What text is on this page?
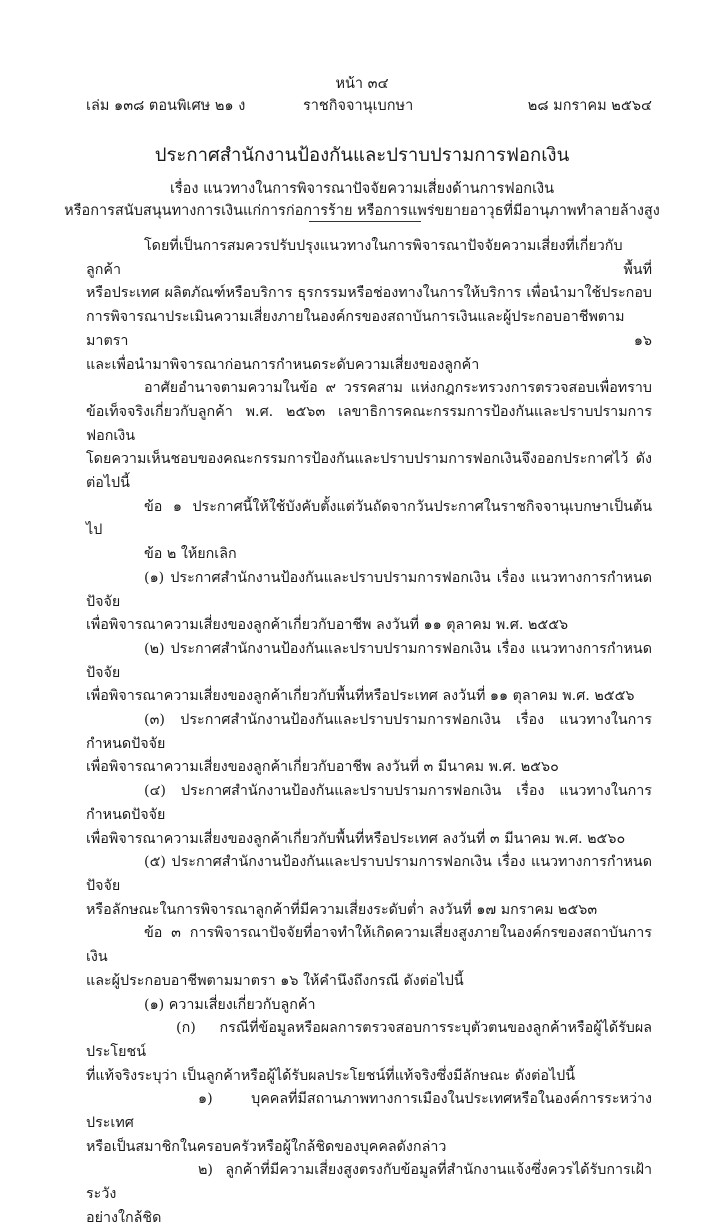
หน้า ๓๔
เล่ม ๑๓๘ ตอนพิเศษ ๒๑ ง	ราชกิจจานุเบกษา	๒๘ มกราคม ๒๕๖๔
ประกาศสำนักงานป้องกันและปราบปรามการฟอกเงิน
เรื่อง แนวทางในการพิจารณาปัจจัยความเสี่ยงด้านการฟอกเงิน
หรือการสนับสนุนทางการเงินแก่การก่อการร้าย หรือการแพร่ขยายอาวุธที่มีอานุภาพทำลายล้างสูง

โดยที่เป็นการสมควรปรับปรุงแนวทางในการพิจารณาปัจจัยความเสี่ยงที่เกี่ยวกับลูกค้า พื้นที่

หรือประเทศ ผลิตภัณฑ์หรือบริการ ธุรกรรมหรือช่องทางในการให้บริการ เพื่อนำมาใช้ประกอบ

การพิจารณาประเมินความเสี่ยงภายในองค์กรของสถาบันการเงินและผู้ประกอบอาชีพตามมาตรา ๑๖

และเพื่อนำมาพิจารณาก่อนการกำหนดระดับความเสี่ยงของลูกค้า

อาศัยอำนาจตามความในข้อ ๙ วรรคสาม แห่งกฎกระทรวงการตรวจสอบเพื่อทราบ

ข้อเท็จจริงเกี่ยวกับลูกค้า พ.ศ. ๒๕๖๓ เลขาธิการคณะกรรมการป้องกันและปราบปรามการฟอกเงิน

โดยความเห็นชอบของคณะกรรมการป้องกันและปราบปรามการฟอกเงินจึงออกประกาศไว้ ดังต่อไปนี้

ข้อ ๑ ประกาศนี้ให้ใช้บังคับตั้งแต่วันถัดจากวันประกาศในราชกิจจานุเบกษาเป็นต้นไป

ข้อ ๒ ให้ยกเลิก

(๑) ประกาศสำนักงานป้องกันและปราบปรามการฟอกเงิน เรื่อง แนวทางการกำหนดปัจจัย

เพื่อพิจารณาความเสี่ยงของลูกค้าเกี่ยวกับอาชีพ ลงวันที่ ๑๑ ตุลาคม พ.ศ. ๒๕๕๖

(๒) ประกาศสำนักงานป้องกันและปราบปรามการฟอกเงิน เรื่อง แนวทางการกำหนดปัจจัย

เพื่อพิจารณาความเสี่ยงของลูกค้าเกี่ยวกับพื้นที่หรือประเทศ ลงวันที่ ๑๑ ตุลาคม พ.ศ. ๒๕๕๖

(๓) ประกาศสำนักงานป้องกันและปราบปรามการฟอกเงิน เรื่อง แนวทางในการกำหนดปัจจัย

เพื่อพิจารณาความเสี่ยงของลูกค้าเกี่ยวกับอาชีพ ลงวันที่ ๓ มีนาคม พ.ศ. ๒๕๖๐

(๔) ประกาศสำนักงานป้องกันและปราบปรามการฟอกเงิน เรื่อง แนวทางในการกำหนดปัจจัย

เพื่อพิจารณาความเสี่ยงของลูกค้าเกี่ยวกับพื้นที่หรือประเทศ ลงวันที่ ๓ มีนาคม พ.ศ. ๒๕๖๐

(๕) ประกาศสำนักงานป้องกันและปราบปรามการฟอกเงิน เรื่อง แนวทางการกำหนดปัจจัย

หรือลักษณะในการพิจารณาลูกค้าที่มีความเสี่ยงระดับต่ำ ลงวันที่ ๑๗ มกราคม ๒๕๖๓

ข้อ ๓ การพิจารณาปัจจัยที่อาจทำให้เกิดความเสี่ยงสูงภายในองค์กรของสถาบันการเงิน

และผู้ประกอบอาชีพตามมาตรา ๑๖ ให้คำนึงถึงกรณี ดังต่อไปนี้

(๑) ความเสี่ยงเกี่ยวกับลูกค้า

(ก) กรณีที่ข้อมูลหรือผลการตรวจสอบการระบุตัวตนของลูกค้าหรือผู้ได้รับผลประโยชน์

ที่แท้จริงระบุว่า เป็นลูกค้าหรือผู้ได้รับผลประโยชน์ที่แท้จริงซึ่งมีลักษณะ ดังต่อไปนี้

๑) บุคคลที่มีสถานภาพทางการเมืองในประเทศหรือในองค์การระหว่างประเทศ

หรือเป็นสมาชิกในครอบครัวหรือผู้ใกล้ชิดของบุคคลดังกล่าว

๒) ลูกค้าที่มีความเสี่ยงสูงตรงกับข้อมูลที่สำนักงานแจ้งซึ่งควรได้รับการเฝ้าระวัง

อย่างใกล้ชิด
